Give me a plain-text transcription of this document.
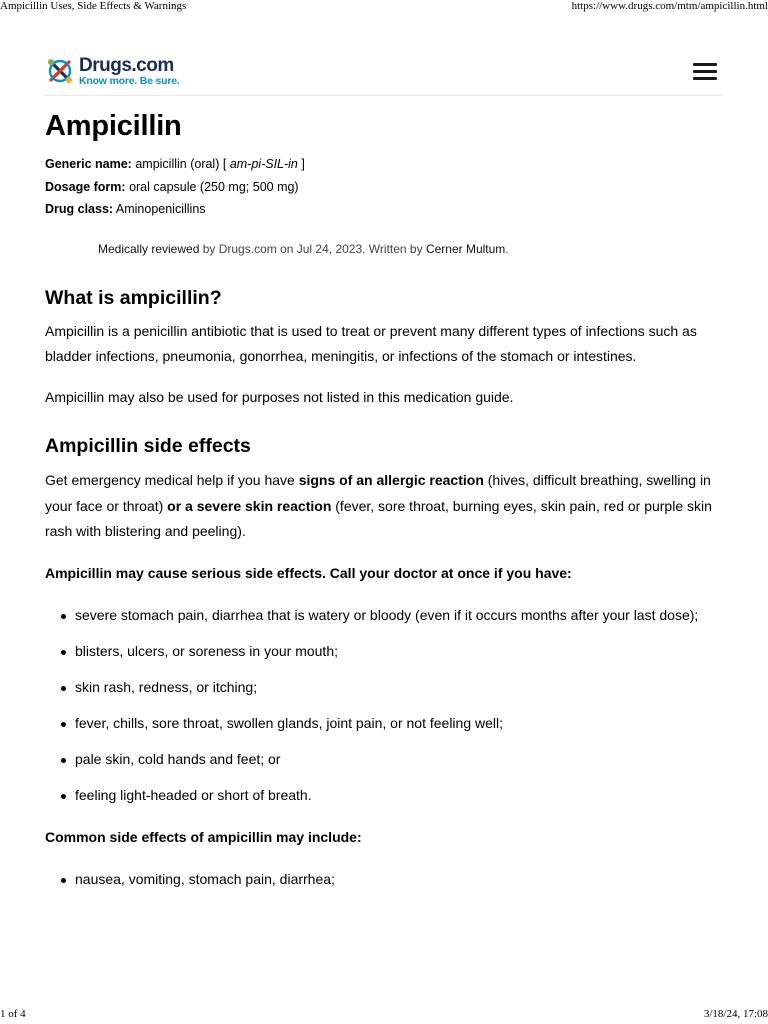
Ampicillin Uses, Side Effects & Warnings	https://www.drugs.com/mtm/ampicillin.html
Drugs.com
Know more. Be sure.
Ampicillin
Generic name: ampicillin (oral) [ am-pi-SIL-in ]
Dosage form: oral capsule (250 mg; 500 mg)
Drug class: Aminopenicillins
Medically reviewed by Drugs.com on Jul 24, 2023. Written by Cerner Multum.
What is ampicillin?

Ampicillin is a penicillin antibiotic that is used to treat or prevent many different types of infections such as bladder infections, pneumonia, gonorrhea, meningitis, or infections of the stomach or intestines.

Ampicillin may also be used for purposes not listed in this medication guide.

Ampicillin side effects

Get emergency medical help if you have signs of an allergic reaction (hives, difficult breathing, swelling in your face or throat) or a severe skin reaction (fever, sore throat, burning eyes, skin pain, red or purple skin rash with blistering and peeling).

Ampicillin may cause serious side effects. Call your doctor at once if you have:

severe stomach pain, diarrhea that is watery or bloody (even if it occurs months after your last dose);
blisters, ulcers, or soreness in your mouth;
skin rash, redness, or itching;
fever, chills, sore throat, swollen glands, joint pain, or not feeling well;
pale skin, cold hands and feet; or
feeling light-headed or short of breath.

Common side effects of ampicillin may include:

nausea, vomiting, stomach pain, diarrhea;
1 of 4	3/18/24, 17:08
